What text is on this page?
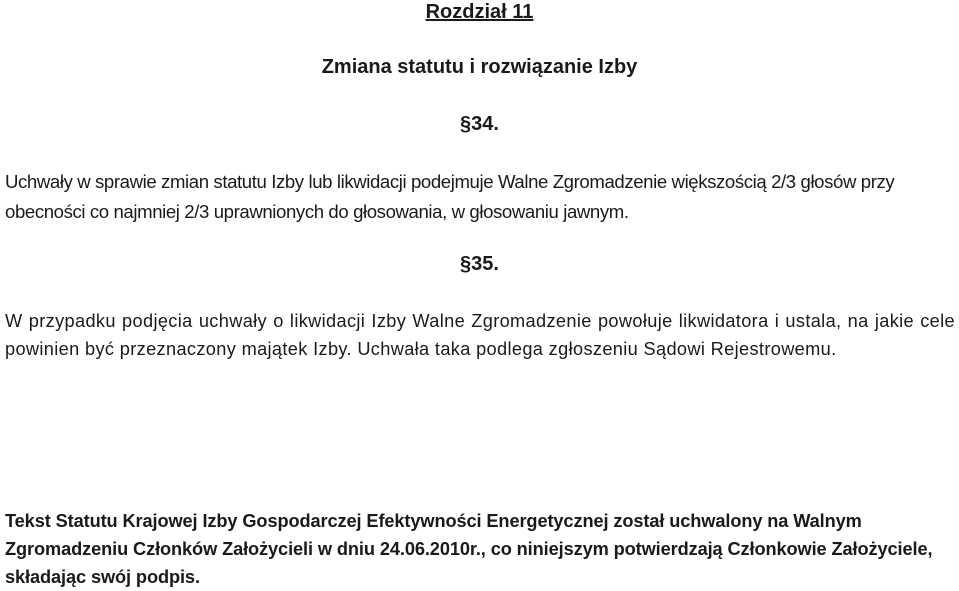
Rozdział 11
Zmiana statutu i rozwiązanie Izby
§34.
Uchwały w sprawie zmian statutu Izby lub likwidacji podejmuje Walne Zgromadzenie większością 2/3 głosów przy obecności co najmniej 2/3 uprawnionych do głosowania, w głosowaniu jawnym.
§35.
W przypadku podjęcia uchwały o likwidacji Izby Walne Zgromadzenie powołuje likwidatora i ustala, na jakie cele powinien być przeznaczony majątek Izby. Uchwała taka podlega zgłoszeniu Sądowi Rejestrowemu.
Tekst Statutu Krajowej Izby Gospodarczej Efektywności Energetycznej został uchwalony na Walnym Zgromadzeniu Członków Założycieli w dniu 24.06.2010r., co niniejszym potwierdzają Członkowie Założyciele, składając swój podpis.
